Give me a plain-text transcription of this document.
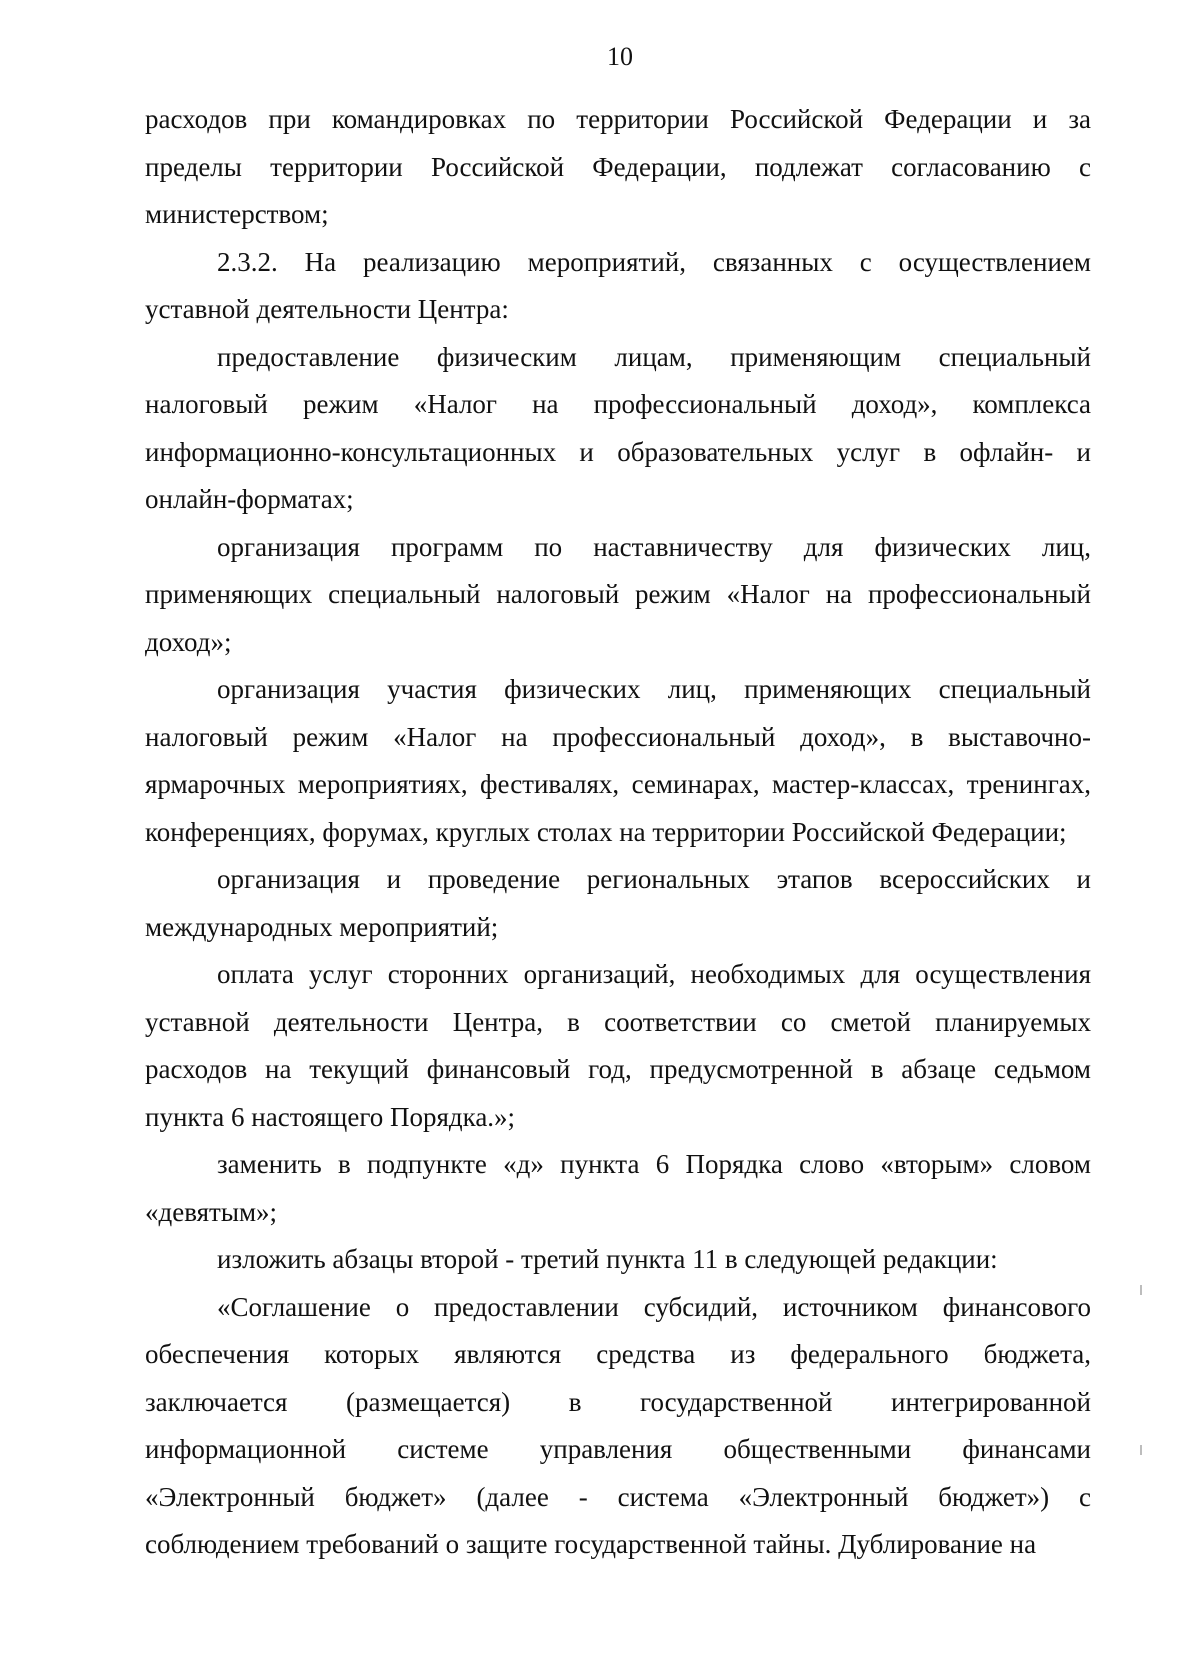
10
расходов при командировках по территории Российской Федерации и за
пределы территории Российской Федерации, подлежат согласованию с
министерством;
2.3.2. На реализацию мероприятий, связанных с осуществлением
уставной деятельности Центра:
предоставление физическим лицам, применяющим специальный
налоговый режим «Налог на профессиональный доход», комплекса
информационно-консультационных и образовательных услуг в офлайн- и
онлайн-форматах;
организация программ по наставничеству для физических лиц,
применяющих специальный налоговый режим «Налог на профессиональный
доход»;
организация участия физических лиц, применяющих специальный
налоговый режим «Налог на профессиональный доход», в выставочно-
ярмарочных мероприятиях, фестивалях, семинарах, мастер-классах, тренингах,
конференциях, форумах, круглых столах на территории Российской Федерации;
организация и проведение региональных этапов всероссийских и
международных мероприятий;
оплата услуг сторонних организаций, необходимых для осуществления
уставной деятельности Центра, в соответствии со сметой планируемых
расходов на текущий финансовый год, предусмотренной в абзаце седьмом
пункта 6 настоящего Порядка.»;
заменить в подпункте «д» пункта 6 Порядка слово «вторым» словом
«девятым»;
изложить абзацы второй - третий пункта 11 в следующей редакции:
«Соглашение о предоставлении субсидий, источником финансового
обеспечения которых являются средства из федерального бюджета,
заключается (размещается) в государственной интегрированной
информационной системе управления общественными финансами
«Электронный бюджет» (далее - система «Электронный бюджет») с
соблюдением требований о защите государственной тайны. Дублирование на
